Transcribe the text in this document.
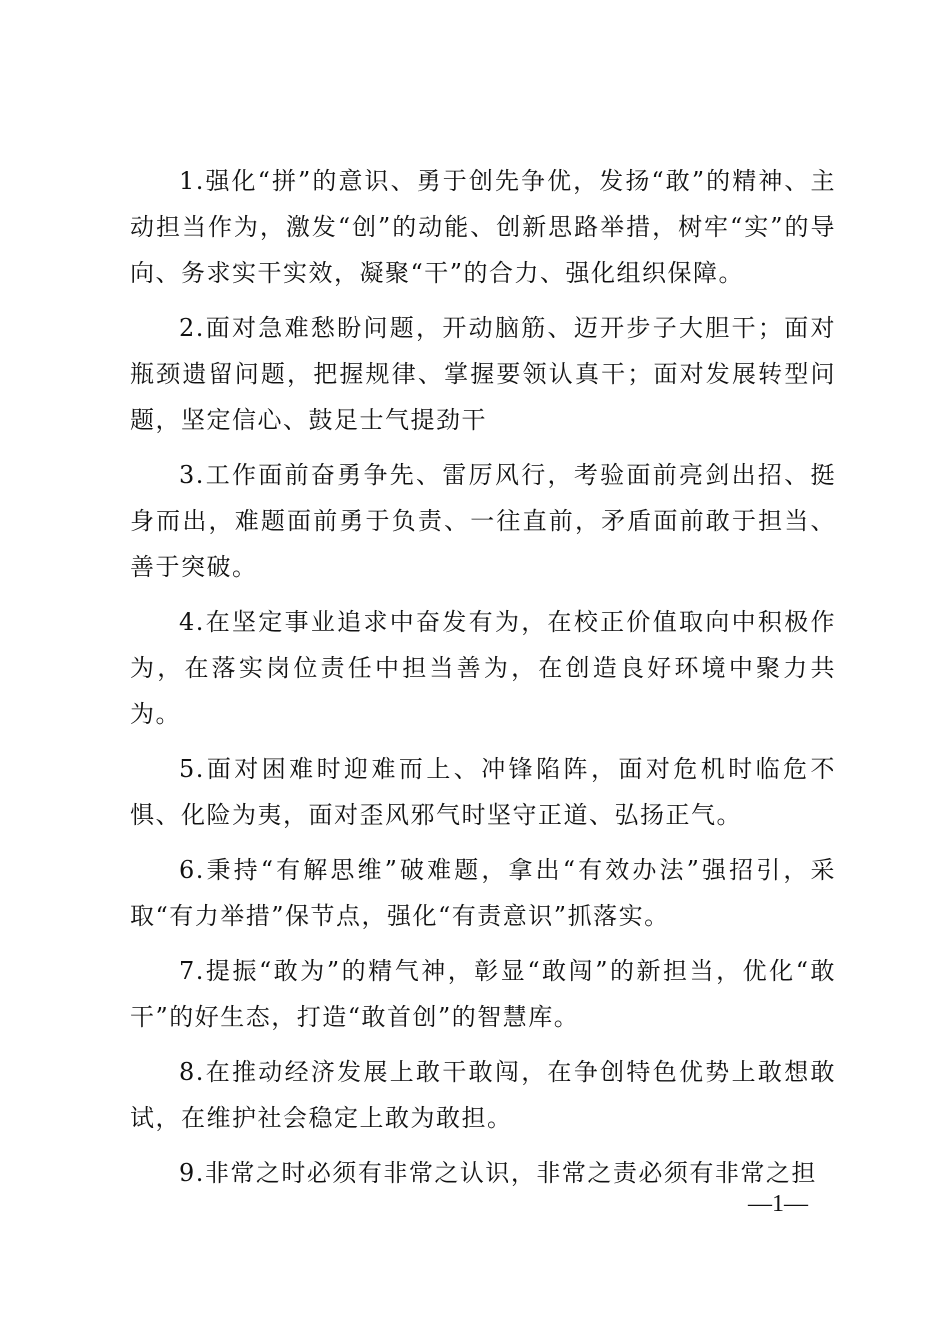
1.强化“拼”的意识、勇于创先争优，发扬“敢”的精神、主动担当作为，激发“创”的动能、创新思路举措，树牢“实”的导向、务求实干实效，凝聚“干”的合力、强化组织保障。

2.面对急难愁盼问题，开动脑筋、迈开步子大胆干；面对瓶颈遗留问题，把握规律、掌握要领认真干；面对发展转型问题，坚定信心、鼓足士气提劲干

3.工作面前奋勇争先、雷厉风行，考验面前亮剑出招、挺身而出，难题面前勇于负责、一往直前，矛盾面前敢于担当、善于突破。

4.在坚定事业追求中奋发有为，在校正价值取向中积极作为，在落实岗位责任中担当善为，在创造良好环境中聚力共为。

5.面对困难时迎难而上、冲锋陷阵，面对危机时临危不惧、化险为夷，面对歪风邪气时坚守正道、弘扬正气。

6.秉持“有解思维”破难题，拿出“有效办法”强招引，采取“有力举措”保节点，强化“有责意识”抓落实。

7.提振“敢为”的精气神，彰显“敢闯”的新担当，优化“敢干”的好生态，打造“敢首创”的智慧库。

8.在推动经济发展上敢干敢闯，在争创特色优势上敢想敢试，在维护社会稳定上敢为敢担。

9.非常之时必须有非常之认识，非常之责必须有非常之担

—1—
